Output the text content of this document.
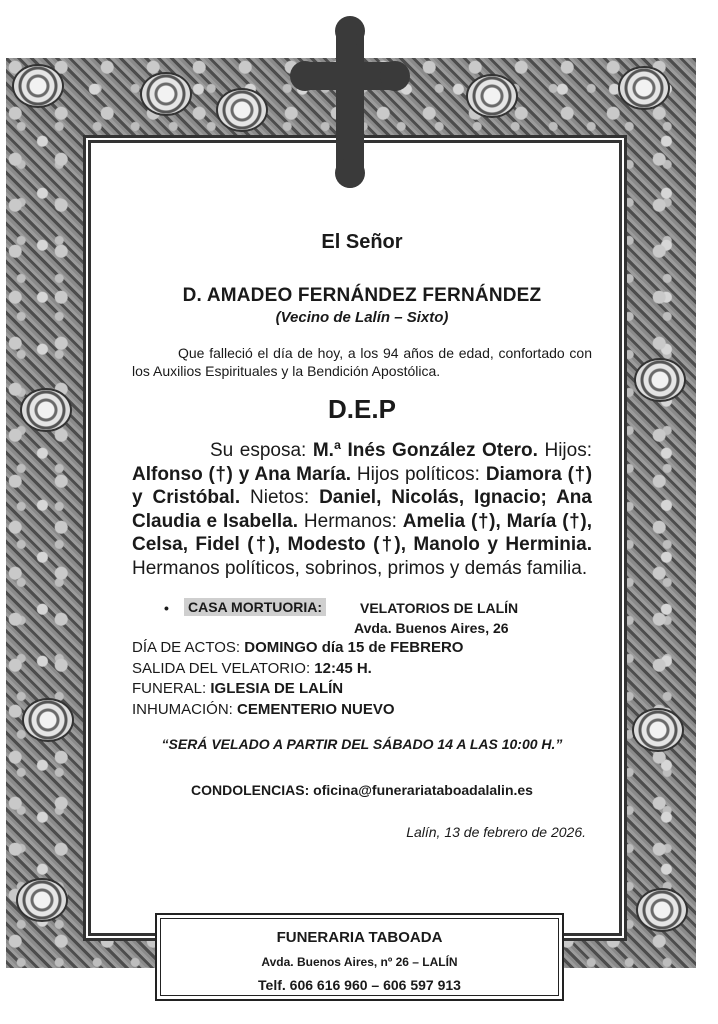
El Señor
D. AMADEO FERNÁNDEZ FERNÁNDEZ
(Vecino de Lalín – Sixto)
Que falleció el día de hoy, a los 94 años de edad, confortado con los Auxilios Espirituales y la Bendición Apostólica.
D.E.P
Su esposa: M.ª Inés González Otero. Hijos: Alfonso (†) y Ana María. Hijos políticos: Diamora (†) y Cristóbal. Nietos: Daniel, Nicolás, Ignacio; Ana Claudia e Isabella. Hermanos: Amelia (†), María (†), Celsa, Fidel (†), Modesto (†), Manolo y Herminia. Hermanos políticos, sobrinos, primos y demás familia.
• CASA MORTUORIA:	VELATORIOS DE LALÍN
Avda. Buenos Aires, 26
DÍA DE ACTOS: DOMINGO día 15 de FEBRERO
SALIDA DEL VELATORIO: 12:45 H.
FUNERAL: IGLESIA DE LALÍN
INHUMACIÓN: CEMENTERIO NUEVO
“SERÁ VELADO A PARTIR DEL SÁBADO 14 A LAS 10:00 H.”
CONDOLENCIAS: oficina@funerariataboadalalin.es
Lalín, 13 de febrero de 2026.
FUNERARIA TABOADA
Avda. Buenos Aires, nº 26 – LALÍN
Telf. 606 616 960 – 606 597 913
